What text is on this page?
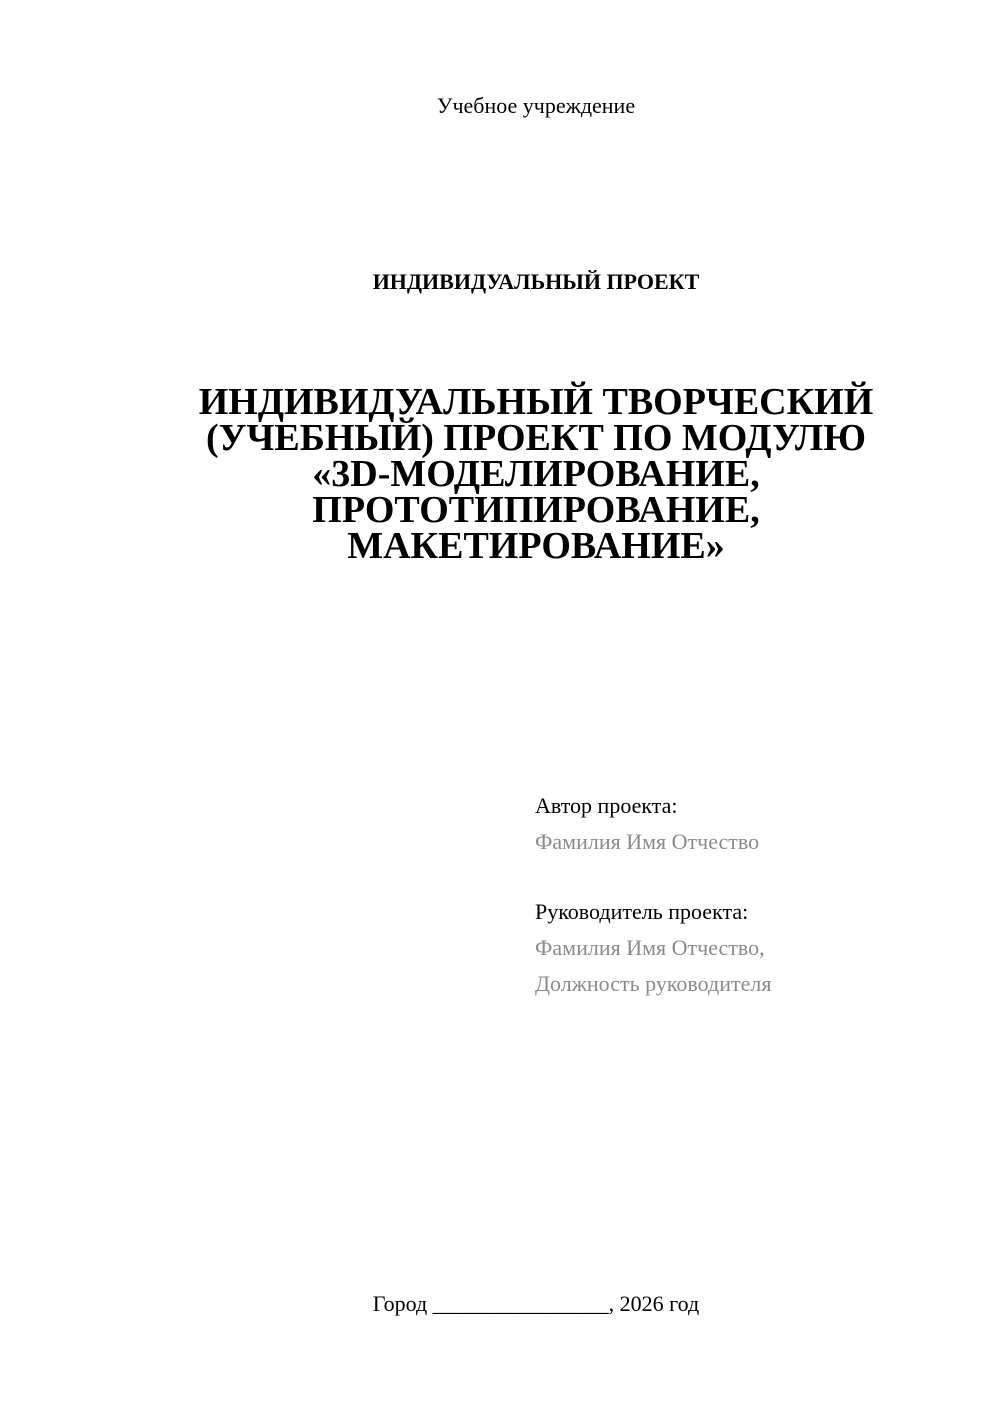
Учебное учреждение
ИНДИВИДУАЛЬНЫЙ ПРОЕКТ
ИНДИВИДУАЛЬНЫЙ ТВОРЧЕСКИЙ
(УЧЕБНЫЙ) ПРОЕКТ ПО МОДУЛЮ
«3D-МОДЕЛИРОВАНИЕ,
ПРОТОТИПИРОВАНИЕ,
МАКЕТИРОВАНИЕ»
Автор проекта:
Фамилия Имя Отчество
Руководитель проекта:
Фамилия Имя Отчество,
Должность руководителя
Город ________________, 2026 год
